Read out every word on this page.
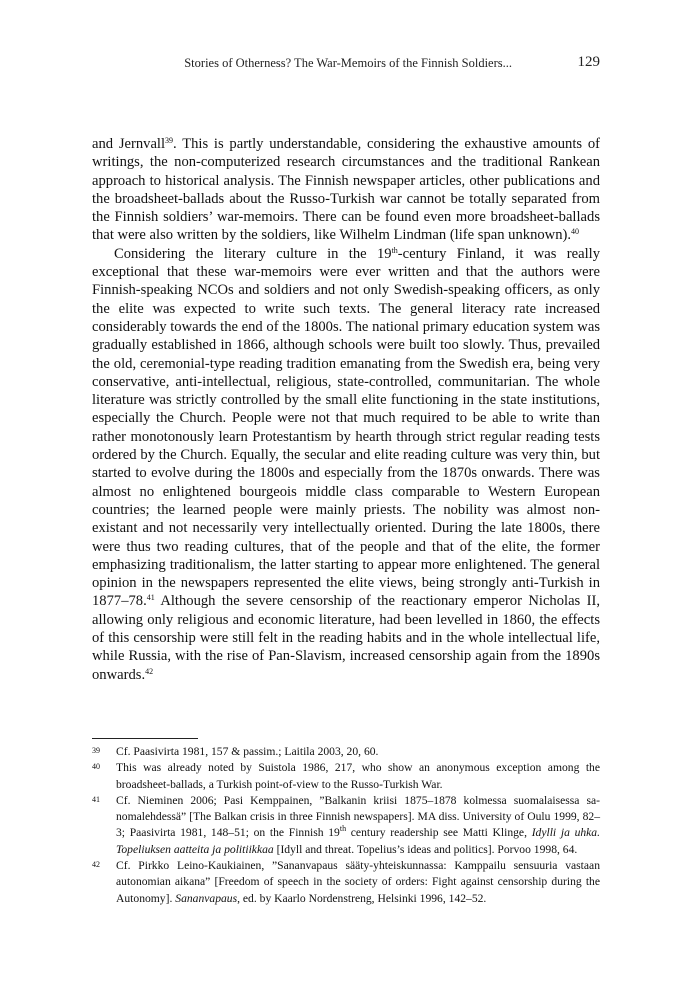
Stories of Otherness? The War-Memoirs of the Finnish Soldiers...	129

and Jernvall$^{39}$. This is partly understandable, considering the exhaustive amounts of writings, the non-computerized research circumstances and the traditional Rankean approach to historical analysis. The Finnish newspaper articles, other publications and the broadsheet-ballads about the Russo-Turkish war cannot be totally separated from the Finnish soldiers’ war-memoirs. There can be found even more broadsheet-ballads that were also written by the soldiers, like Wilhelm Lindman (life span unknown).$^{40}$

Considering the literary culture in the 19th-century Finland, it was really exceptional that these war-memoirs were ever written and that the authors were Finnish-speaking NCOs and soldiers and not only Swedish-speaking officers, as only the elite was expected to write such texts. The general literacy rate increased considerably towards the end of the 1800s. The national primary education system was gradually established in 1866, although schools were built too slowly. Thus, prevailed the old, ceremonial-type reading tradition emanating from the Swedish era, being very conservative, anti-intellectual, religious, state-controlled, communitarian. The whole literature was strictly controlled by the small elite functioning in the state institutions, especially the Church. People were not that much required to be able to write than rather monotonously learn Protestantism by hearth through strict regular reading tests ordered by the Church. Equally, the secular and elite reading culture was very thin, but started to evolve during the 1800s and especially from the 1870s onwards. There was almost no enlightened bourgeois middle class comparable to Western European countries; the learned people were mainly priests. The nobility was almost non-existant and not necessarily very intellectually oriented. During the late 1800s, there were thus two reading cultures, that of the people and that of the elite, the former emphasizing traditionalism, the latter starting to appear more enlightened. The general opinion in the newspapers represented the elite views, being strongly anti-Turkish in 1877–78.41 Although the severe censorship of the reactionary emperor Nicholas II, allowing only religious and economic literature, had been levelled in 1860, the effects of this censorship were still felt in the reading habits and in the whole intellectual life, while Russia, with the rise of Pan-Slavism, increased censorship again from the 1890s onwards.$^{42}$

39 Cf. Paasivirta 1981, 157 & passim.; Laitila 2003, 20, 60.
40 This was already noted by Suistola 1986, 217, who show an anonymous exception among the broadsheet-ballads, a Turkish point-of-view to the Russo-Turkish War.
41 Cf. Nieminen 2006; Pasi Kemppainen, ”Balkanin kriisi 1875–1878 kolmessa suomalaisessa sa-nomalehdessä” [The Balkan crisis in three Finnish newspapers]. MA diss. University of Oulu 1999, 82–3; Paasivirta 1981, 148–51; on the Finnish 19th century readership see Matti Klinge, Idylli ja uhka. Topeliuksen aatteita ja politiikkaa [Idyll and threat. Topelius’s ideas and politics]. Porvoo 1998, 64.
42 Cf. Pirkko Leino-Kaukiainen, ”Sananvapaus sääty-yhteiskunnassa: Kamppailu sensuuria vastaan autonomian aikana” [Freedom of speech in the society of orders: Fight against censorship during the Autonomy]. Sananvapaus, ed. by Kaarlo Nordenstreng, Helsinki 1996, 142–52.
